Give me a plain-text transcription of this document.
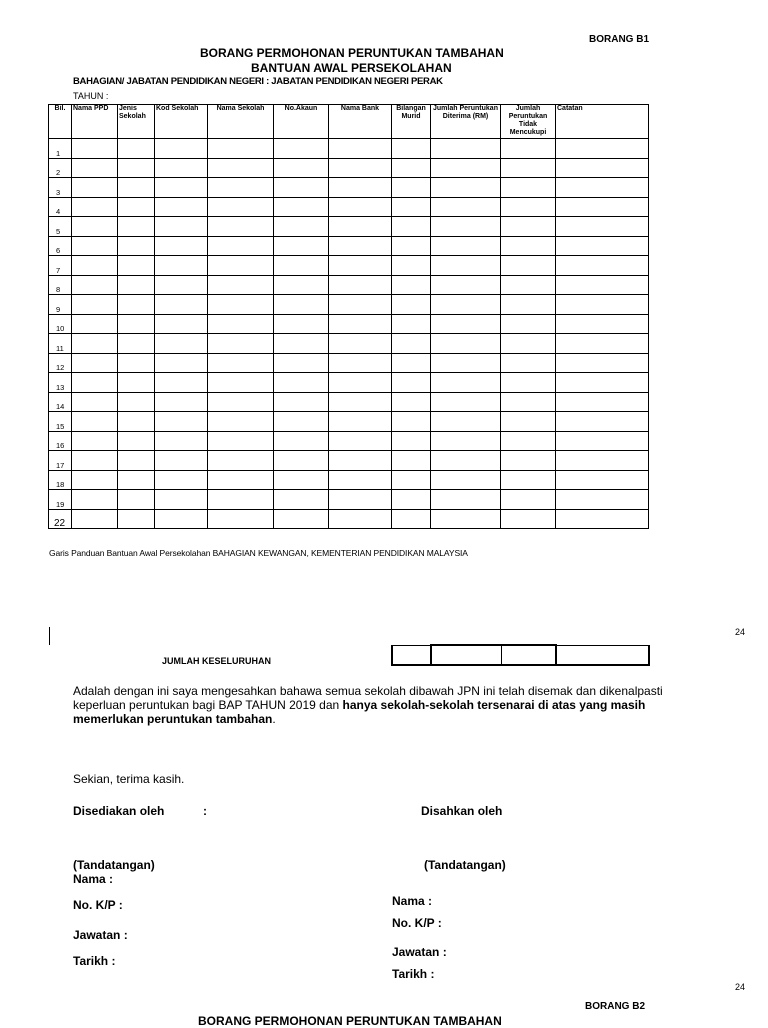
BORANG B1
BORANG PERMOHONAN PERUNTUKAN TAMBAHAN
BANTUAN AWAL PERSEKOLAHAN
BAHAGIAN/ JABATAN PENDIDIKAN NEGERI : JABATAN PENDIDIKAN NEGERI PERAK
TAHUN :
Bil.	Nama PPD	Jenis Sekolah	Kod Sekolah	Nama Sekolah	No.Akaun	Nama Bank	Bilangan Murid	Jumlah Peruntukan Diterima (RM)	Jumlah Peruntukan Tidak Mencukupi	Catatan
1										
2										
3										
4										
5										
6										
7										
8										
9										
10										
11										
12										
13										
14										
15										
16										
17										
18										
19										
22										
Garis Panduan Bantuan Awal Persekolahan BAHAGIAN KEWANGAN, KEMENTERIAN PENDIDIKAN MALAYSIA
24
JUMLAH KESELURUHAN

Adalah dengan ini saya mengesahkan bahawa semua sekolah dibawah JPN ini telah disemak dan dikenalpasti keperluan peruntukan bagi BAP TAHUN 2019 dan hanya sekolah-sekolah tersenarai di atas yang masih memerlukan peruntukan tambahan.
Sekian, terima kasih.
Disediakan oleh	:
(Tandatangan)
Nama :
No. K/P :
Jawatan :
Tarikh :
Disahkan oleh
(Tandatangan)
Nama :
No. K/P :
Jawatan :
Tarikh :
24
BORANG B2
BORANG PERMOHONAN PERUNTUKAN TAMBAHAN
